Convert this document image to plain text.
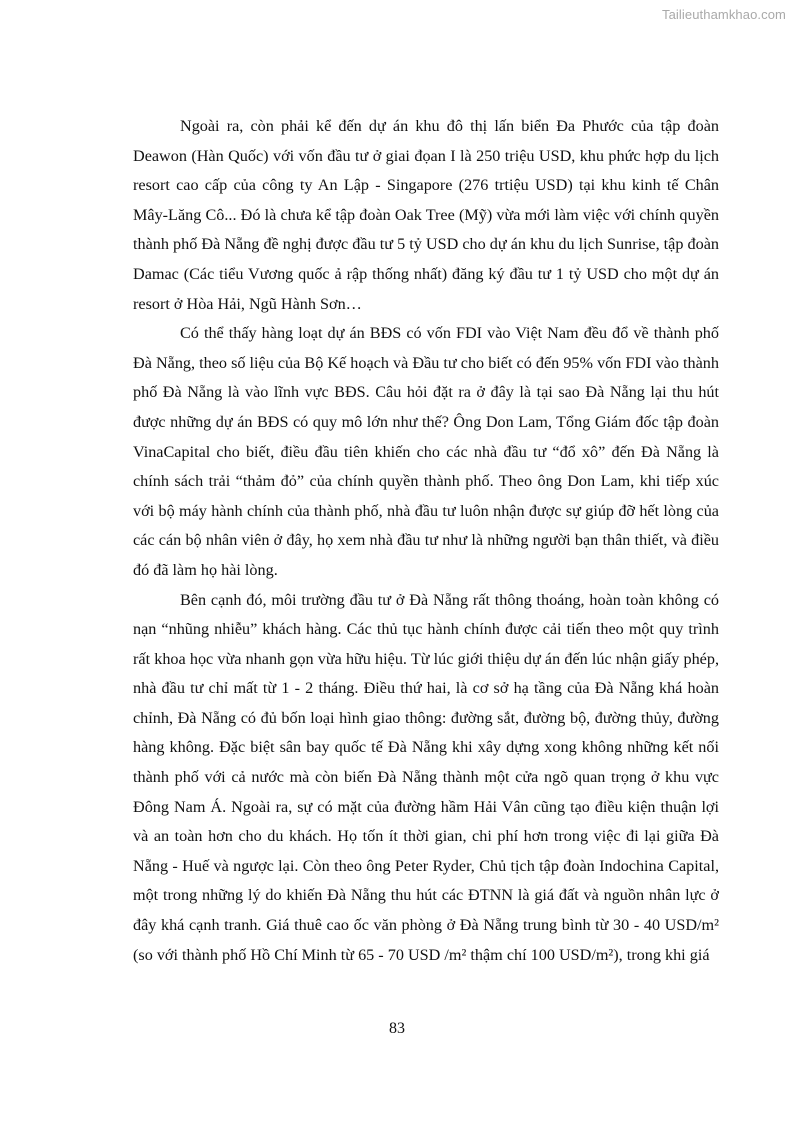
Tailieuthamkhao.com

Ngoài ra, còn phải kể đến dự án khu đô thị lấn biển Đa Phước của tập đoàn Deawon (Hàn Quốc) với vốn đầu tư ở giai đọan I là 250 triệu USD, khu phức hợp du lịch resort cao cấp của công ty An Lập - Singapore (276 trtiệu USD) tại khu kinh tế Chân Mây-Lăng Cô... Đó là chưa kể tập đoàn Oak Tree (Mỹ) vừa mới làm việc với chính quyền thành phố Đà Nẵng đề nghị được đầu tư 5 tỷ USD cho dự án khu du lịch Sunrise, tập đoàn Damac (Các tiểu Vương quốc ả rập thống nhất) đăng ký đầu tư 1 tỷ USD cho một dự án resort ở Hòa Hải, Ngũ Hành Sơn…

Có thể thấy hàng loạt dự án BĐS có vốn FDI vào Việt Nam đều đổ về thành phố Đà Nẵng, theo số liệu của Bộ Kế hoạch và Đầu tư cho biết có đến 95% vốn FDI vào thành phố Đà Nẵng là vào lĩnh vực BĐS. Câu hỏi đặt ra ở đây là tại sao Đà Nẵng lại thu hút được những dự án BĐS có quy mô lớn như thế? Ông Don Lam, Tổng Giám đốc tập đoàn VinaCapital cho biết, điều đầu tiên khiến cho các nhà đầu tư “đổ xô” đến Đà Nẵng là chính sách trải “thảm đỏ” của chính quyền thành phố. Theo ông Don Lam, khi tiếp xúc với bộ máy hành chính của thành phố, nhà đầu tư luôn nhận được sự giúp đỡ hết lòng của các cán bộ nhân viên ở đây, họ xem nhà đầu tư như là những người bạn thân thiết, và điều đó đã làm họ hài lòng.

Bên cạnh đó, môi trường đầu tư ở Đà Nẵng rất thông thoáng, hoàn toàn không có nạn “nhũng nhiễu” khách hàng. Các thủ tục hành chính được cải tiến theo một quy trình rất khoa học vừa nhanh gọn vừa hữu hiệu. Từ lúc giới thiệu dự án đến lúc nhận giấy phép, nhà đầu tư chỉ mất từ 1 - 2 tháng. Điều thứ hai, là cơ sở hạ tầng của Đà Nẵng khá hoàn chỉnh, Đà Nẵng có đủ bốn loại hình giao thông: đường sắt, đường bộ, đường thủy, đường hàng không. Đặc biệt sân bay quốc tế Đà Nẵng khi xây dựng xong không những kết nối thành phố với cả nước mà còn biến Đà Nẵng thành một cửa ngõ quan trọng ở khu vực Đông Nam Á. Ngoài ra, sự có mặt của đường hầm Hải Vân cũng tạo điều kiện thuận lợi và an toàn hơn cho du khách. Họ tốn ít thời gian, chi phí hơn trong việc đi lại giữa Đà Nẵng - Huế và ngược lại. Còn theo ông Peter Ryder, Chủ tịch tập đoàn Indochina Capital, một trong những lý do khiến Đà Nẵng thu hút các ĐTNN là giá đất và nguồn nhân lực ở đây khá cạnh tranh. Giá thuê cao ốc văn phòng ở Đà Nẵng trung bình từ 30 - 40 USD/m² (so với thành phố Hồ Chí Minh từ 65 - 70 USD /m² thậm chí 100 USD/m²), trong khi giá

83
